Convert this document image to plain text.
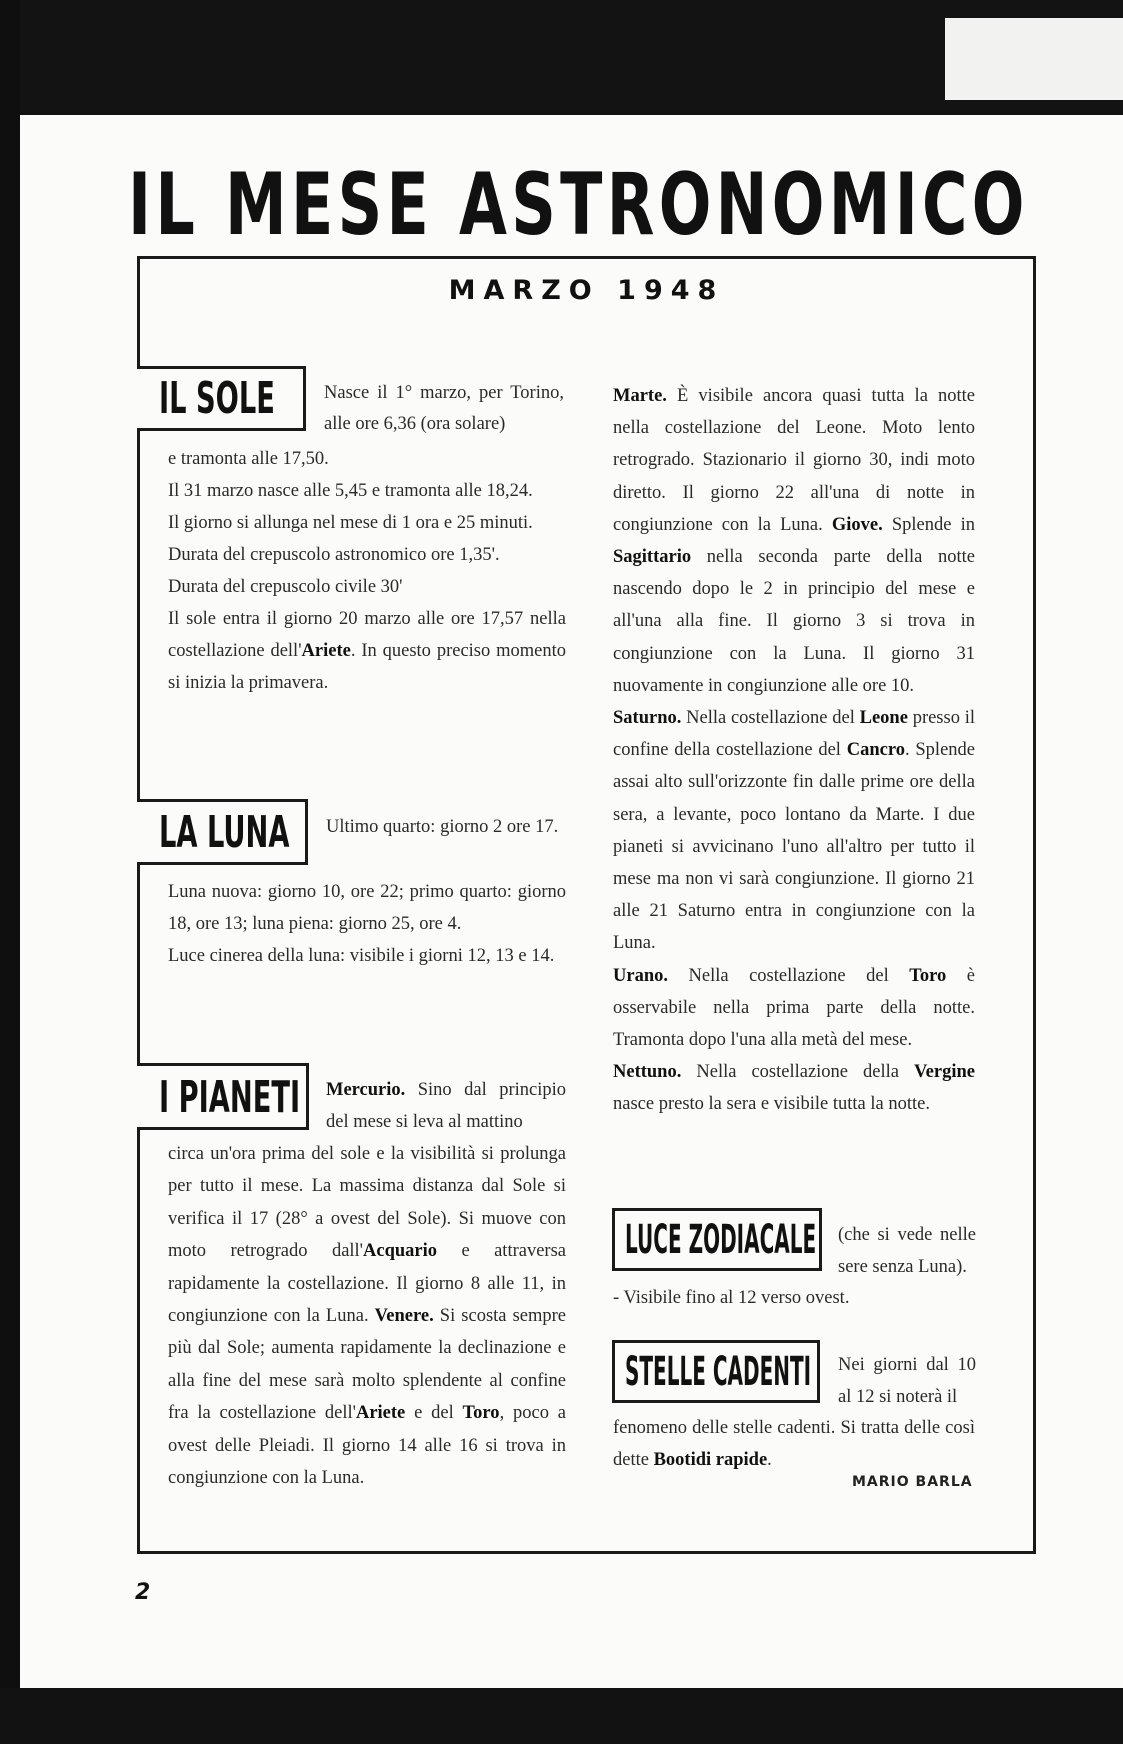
IL MESE ASTRONOMICO
MARZO 1948
IL SOLE	Nasce il 1° marzo, per Torino, alle ore 6,36 (ora solare)

e tramonta alle 17,50.
Il 31 marzo nasce alle 5,45 e tramonta alle 18,24.
Il giorno si allunga nel mese di 1 ora e 25 minuti.
Durata del crepuscolo astronomico ore 1,35'.
Durata del crepuscolo civile 30'
Il sole entra il giorno 20 marzo alle ore 17,57 nella costellazione dell'Ariete. In questo preciso momento si inizia la primavera.

LA LUNA Ultimo quarto: giorno 2 ore 17.

Luna nuova: giorno 10, ore 22; primo quarto: giorno 18, ore 13; luna piena: giorno 25, ore 4.
Luce cinerea della luna: visibile i giorni 12, 13 e 14.

I PIANETI Mercurio. Sino dal principio del mese si leva al mattino

circa un'ora prima del sole e la visibilità si prolunga per tutto il mese. La massima distanza dal Sole si verifica il 17 (28° a ovest del Sole). Si muove con moto retrogrado dall'Acquario e attraversa rapidamente la costellazione. Il giorno 8 alle 11, in congiunzione con la Luna. Venere. Si scosta sempre più dal Sole; aumenta rapidamente la declinazione e alla fine del mese sarà molto splendente al confine fra la costellazione dell'Ariete e del Toro, poco a ovest delle Pleiadi. Il giorno 14 alle 16 si trova in congiunzione con la Luna.

Marte. È visibile ancora quasi tutta la notte nella costellazione del Leone. Moto lento retrogrado. Stazionario il giorno 30, indi moto diretto. Il giorno 22 all'una di notte in congiunzione con la Luna. Giove. Splende in Sagittario nella seconda parte della notte nascendo dopo le 2 in principio del mese e all'una alla fine. Il giorno 3 si trova in congiunzione con la Luna. Il giorno 31 nuovamente in congiunzione alle ore 10.
Saturno. Nella costellazione del Leone presso il confine della costellazione del Cancro. Splende assai alto sull'orizzonte fin dalle prime ore della sera, a levante, poco lontano da Marte. I due pianeti si avvicinano l'uno all'altro per tutto il mese ma non vi sarà congiunzione. Il giorno 21 alle 21 Saturno entra in congiunzione con la Luna.
Urano. Nella costellazione del Toro è osservabile nella prima parte della notte. Tramonta dopo l'una alla metà del mese.
Nettuno. Nella costellazione della Vergine nasce presto la sera e visibile tutta la notte.

LUCE ZODIACALE (che si vede nelle sere senza Luna).

- Visibile fino al 12 verso ovest.

STELLE CADENTI Nei giorni dal 10 al 12 si noterà il

fenomeno delle stelle cadenti. Si tratta delle così dette Bootidi rapide.

MARIO BARLA
2
